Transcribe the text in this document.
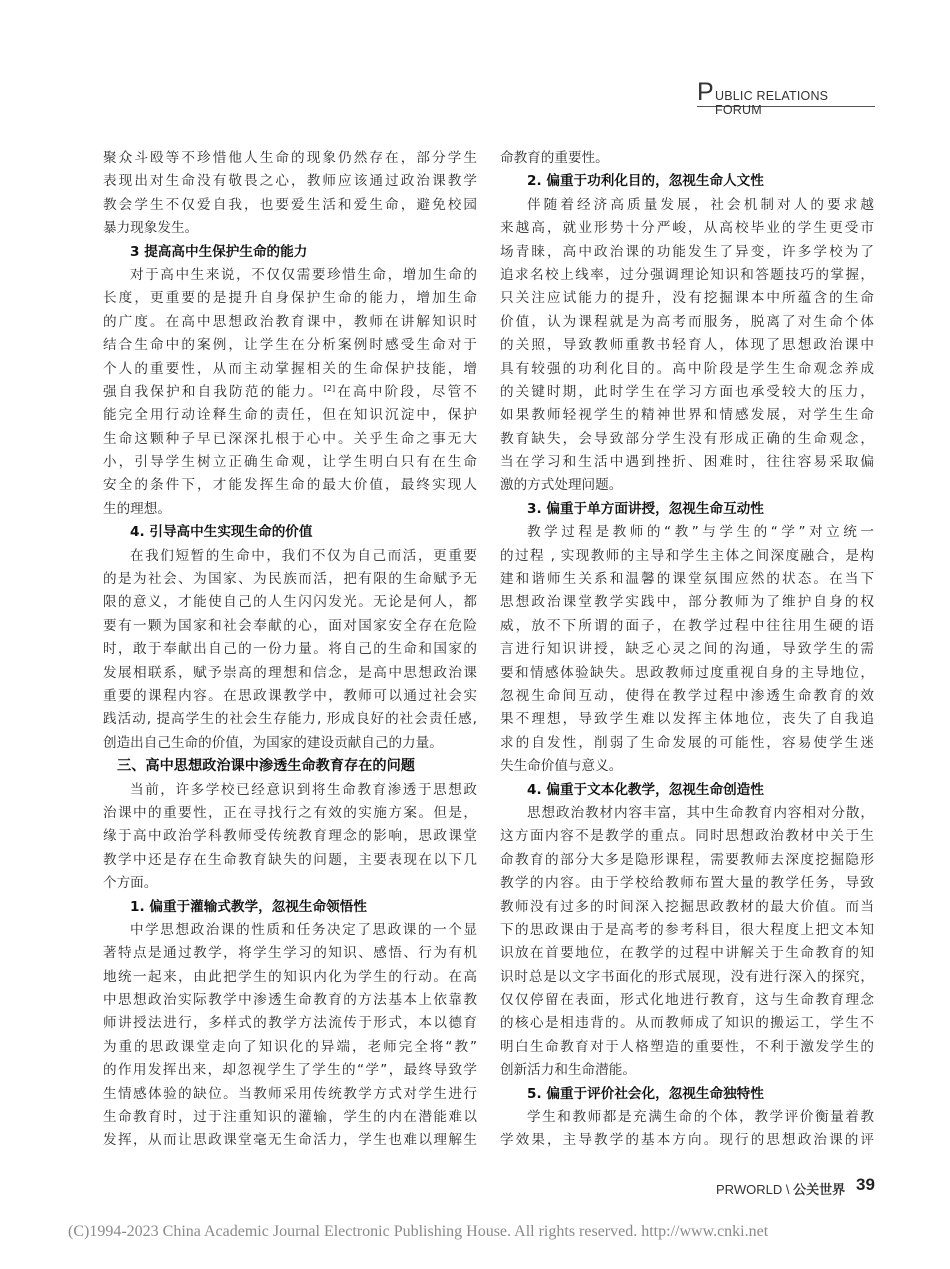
P UBLIC RELATIONS FORUM
聚众斗殴等不珍惜他人生命的现象仍然存在，部分学生
表现出对生命没有敬畏之心，教师应该通过政治课教学
教会学生不仅爱自我，也要爱生活和爱生命，避免校园
暴力现象发生。
3 提高高中生保护生命的能力
对于高中生来说，不仅仅需要珍惜生命，增加生命的
长度，更重要的是提升自身保护生命的能力，增加生命
的广度。在高中思想政治教育课中，教师在讲解知识时
结合生命中的案例，让学生在分析案例时感受生命对于
个人的重要性，从而主动掌握相关的生命保护技能，增
强自我保护和自我防范的能力。[2]在高中阶段，尽管不
能完全用行动诠释生命的责任，但在知识沉淀中，保护
生命这颗种子早已深深扎根于心中。关乎生命之事无大
小，引导学生树立正确生命观，让学生明白只有在生命
安全的条件下，才能发挥生命的最大价值，最终实现人
生的理想。
4. 引导高中生实现生命的价值
在我们短暂的生命中，我们不仅为自己而活，更重要
的是为社会、为国家、为民族而活，把有限的生命赋予无
限的意义，才能使自己的人生闪闪发光。无论是何人，都
要有一颗为国家和社会奉献的心，面对国家安全存在危险
时，敢于奉献出自己的一份力量。将自己的生命和国家的
发展相联系，赋予崇高的理想和信念，是高中思想政治课
重要的课程内容。在思政课教学中，教师可以通过社会实
践活动, 提高学生的社会生存能力, 形成良好的社会责任感,
创造出自己生命的价值，为国家的建设贡献自己的力量。
三、高中思想政治课中渗透生命教育存在的问题
当前，许多学校已经意识到将生命教育渗透于思想政
治课中的重要性，正在寻找行之有效的实施方案。但是，
缘于高中政治学科教师受传统教育理念的影响，思政课堂
教学中还是存在生命教育缺失的问题，主要表现在以下几
个方面。
1. 偏重于灌输式教学，忽视生命领悟性
中学思想政治课的性质和任务决定了思政课的一个显
著特点是通过教学，将学生学习的知识、感悟、行为有机
地统一起来，由此把学生的知识内化为学生的行动。在高
中思想政治实际教学中渗透生命教育的方法基本上依靠教
师讲授法进行，多样式的教学方法流传于形式，本以德育
为重的思政课堂走向了知识化的异端，老师完全将“教”
的作用发挥出来，却忽视学生了学生的“学”，最终导致学
生情感体验的缺位。当教师采用传统教学方式对学生进行
生命教育时，过于注重知识的灌输，学生的内在潜能难以
发挥，从而让思政课堂毫无生命活力，学生也难以理解生
命教育的重要性。
2. 偏重于功利化目的，忽视生命人文性
伴随着经济高质量发展，社会机制对人的要求越
来越高，就业形势十分严峻，从高校毕业的学生更受市
场青睐，高中政治课的功能发生了异变，许多学校为了
追求名校上线率，过分强调理论知识和答题技巧的掌握，
只关注应试能力的提升，没有挖掘课本中所蕴含的生命
价值，认为课程就是为高考而服务，脱离了对生命个体
的关照，导致教师重教书轻育人，体现了思想政治课中
具有较强的功利化目的。高中阶段是学生生命观念养成
的关键时期，此时学生在学习方面也承受较大的压力，
如果教师轻视学生的精神世界和情感发展，对学生生命
教育缺失，会导致部分学生没有形成正确的生命观念，
当在学习和生活中遇到挫折、困难时，往往容易采取偏
激的方式处理问题。
3. 偏重于单方面讲授，忽视生命互动性
教学过程是教师的“教”与学生的“学”对立统一
的过程 , 实现教师的主导和学生主体之间深度融合，是构
建和谐师生关系和温馨的课堂氛围应然的状态。在当下
思想政治课堂教学实践中，部分教师为了维护自身的权
威，放不下所谓的面子，在教学过程中往往用生硬的语
言进行知识讲授，缺乏心灵之间的沟通，导致学生的需
要和情感体验缺失。思政教师过度重视自身的主导地位，
忽视生命间互动，使得在教学过程中渗透生命教育的效
果不理想，导致学生难以发挥主体地位，丧失了自我追
求的自发性，削弱了生命发展的可能性，容易使学生迷
失生命价值与意义。
4. 偏重于文本化教学，忽视生命创造性
思想政治教材内容丰富，其中生命教育内容相对分散，
这方面内容不是教学的重点。同时思想政治教材中关于生
命教育的部分大多是隐形课程，需要教师去深度挖掘隐形
教学的内容。由于学校给教师布置大量的教学任务，导致
教师没有过多的时间深入挖掘思政教材的最大价值。而当
下的思政课由于是高考的参考科目，很大程度上把文本知
识放在首要地位，在教学的过程中讲解关于生命教育的知
识时总是以文字书面化的形式展现，没有进行深入的探究，
仅仅停留在表面，形式化地进行教育，这与生命教育理念
的核心是相违背的。从而教师成了知识的搬运工，学生不
明白生命教育对于人格塑造的重要性，不利于激发学生的
创新活力和生命潜能。
5. 偏重于评价社会化，忽视生命独特性
学生和教师都是充满生命的个体，教学评价衡量着教
学效果，主导教学的基本方向。现行的思想政治课的评
PRWORLD \ 公关世界 39
(C)1994-2023 China Academic Journal Electronic Publishing House. All rights reserved. http://www.cnki.net
